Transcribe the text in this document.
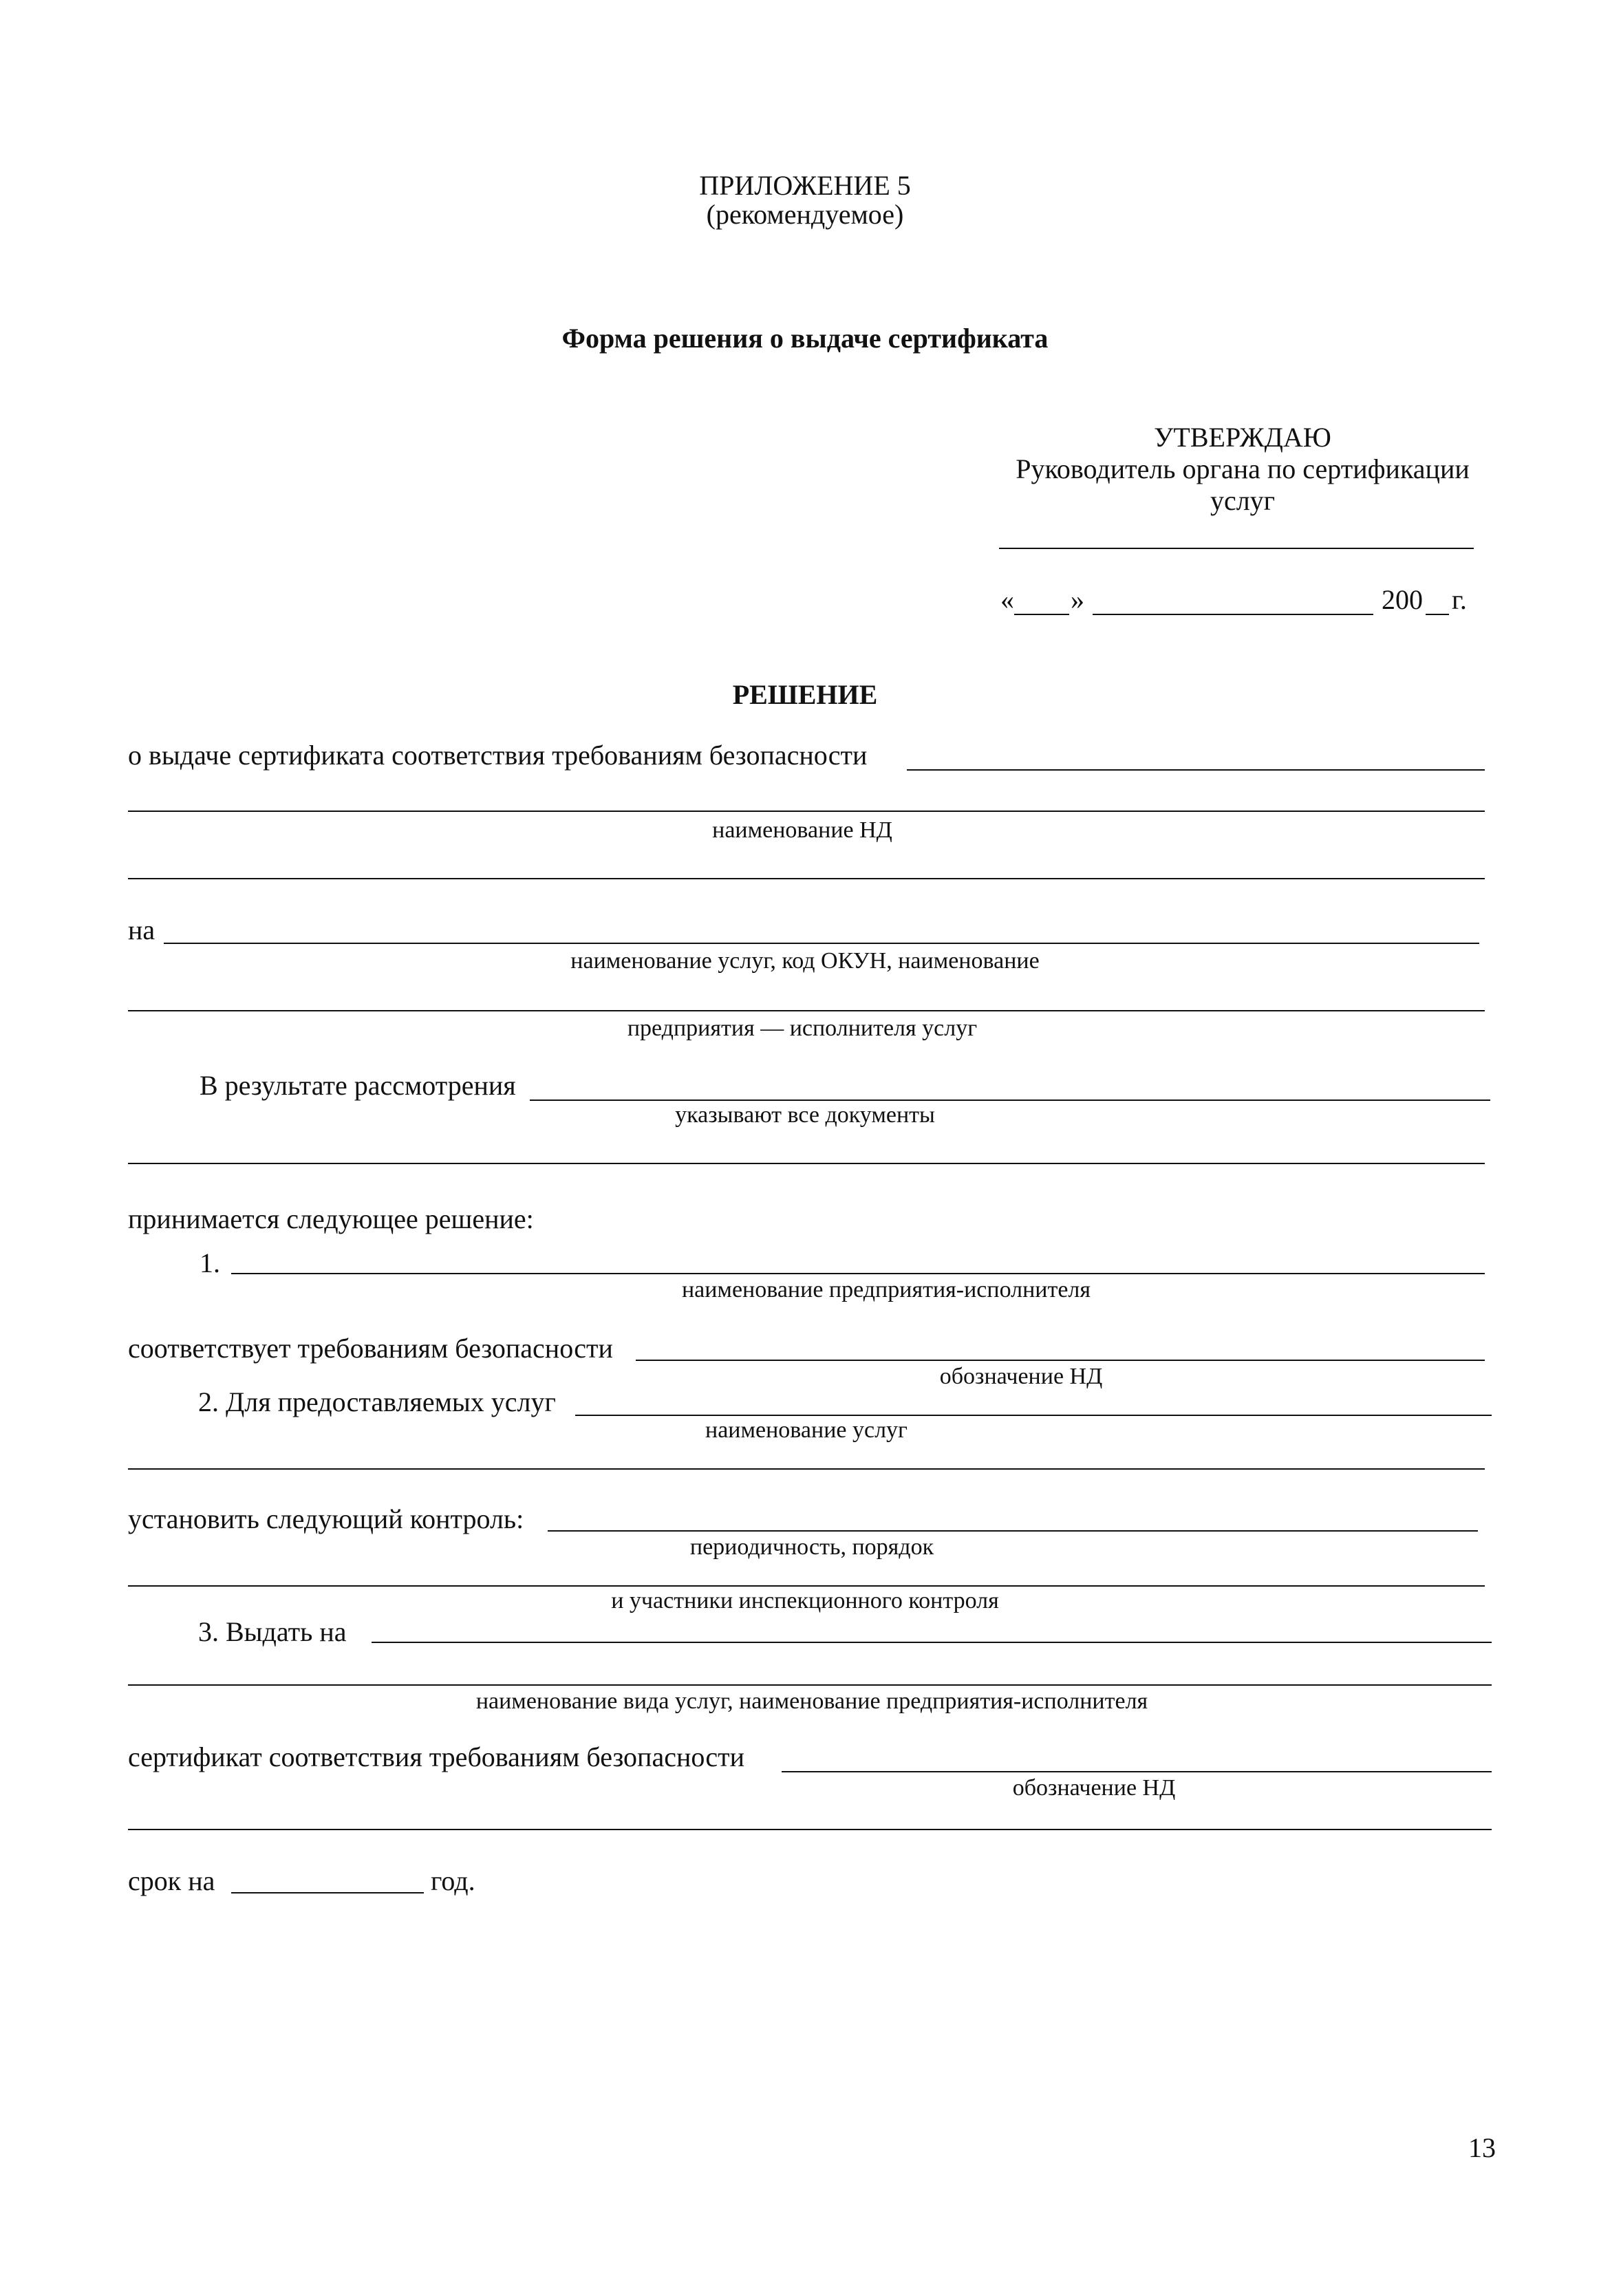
ПРИЛОЖЕНИЕ 5
(рекомендуемое)
Форма решения о выдаче сертификата
УТВЕРЖДАЮ
Руководитель органа по сертификации
услуг
« »	200 г.
РЕШЕНИЕ
о выдаче сертификата соответствия требованиям безопасности
наименование НД
на
наименование услуг, код ОКУН, наименование
предприятия — исполнителя услуг
В результате рассмотрения
указывают все документы
принимается следующее решение:
1.
наименование предприятия-исполнителя
соответствует требованиям безопасности
обозначение НД
2. Для предоставляемых услуг
наименование услуг
установить следующий контроль:
периодичность, порядок
и участники инспекционного контроля
3. Выдать на
наименование вида услуг, наименование предприятия-исполнителя
сертификат соответствия требованиям безопасности
обозначение НД
срок на	год.
13
